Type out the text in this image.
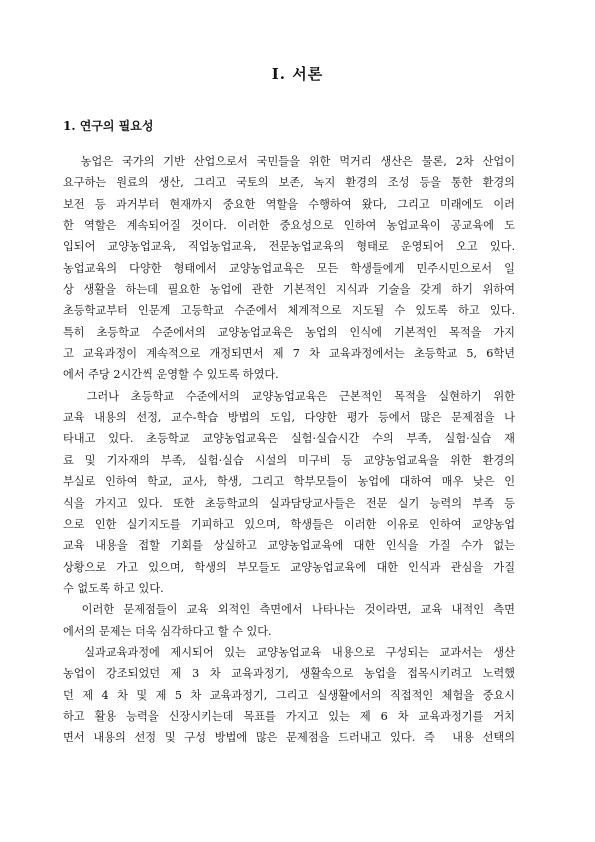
Ⅰ. 서론
1. 연구의 필요성
농업은 국가의 기반 산업으로서 국민들을 위한 먹거리 생산은 물론, 2차 산업이
요구하는 원료의 생산, 그리고 국토의 보존, 녹지 환경의 조성 등을 통한 환경의
보전 등 과거부터 현재까지 중요한 역할을 수행하여 왔다, 그리고 미래에도 이러
한 역할은 계속되어질 것이다. 이러한 중요성으로 인하여 농업교육이 공교육에 도
입되어 교양농업교육, 직업농업교육, 전문농업교육의 형태로 운영되어 오고 있다.
농업교육의 다양한 형태에서 교양농업교육은 모든 학생들에게 민주시민으로서 일
상 생활을 하는데 필요한 농업에 관한 기본적인 지식과 기술을 갖게 하기 위하여
초등학교부터 인문계 고등학교 수준에서 체계적으로 지도될 수 있도록 하고 있다.
특히 초등학교 수준에서의 교양농업교육은 농업의 인식에 기본적인 목적을 가지
고 교육과정이 계속적으로 개정되면서 제 7 차 교육과정에서는 초등학교 5, 6학년
에서 주당 2시간씩 운영할 수 있도록 하였다.
그러나 초등학교 수준에서의 교양농업교육은 근본적인 목적을 실현하기 위한
교육 내용의 선정, 교수-학습 방법의 도입, 다양한 평가 등에서 많은 문제점을 나
타내고 있다. 초등학교 교양농업교육은 실험·실습시간 수의 부족, 실험·실습 재
료 및 기자재의 부족, 실험·실습 시설의 미구비 등 교양농업교육을 위한 환경의
부실로 인하여 학교, 교사, 학생, 그리고 학부모들이 농업에 대하여 매우 낮은 인
식을 가지고 있다. 또한 초등학교의 실과담당교사들은 전문 실기 능력의 부족 등
으로 인한 실기지도를 기피하고 있으며, 학생들은 이러한 이유로 인하여 교양농업
교육 내용을 접할 기회를 상실하고 교양농업교육에 대한 인식을 가질 수가 없는
상황으로 가고 있으며, 학생의 부모들도 교양농업교육에 대한 인식과 관심을 가질
수 없도록 하고 있다.
이러한 문제점들이 교육 외적인 측면에서 나타나는 것이라면, 교육 내적인 측면
에서의 문제는 더욱 심각하다고 할 수 있다.
실과교육과정에 제시되어 있는 교양농업교육 내용으로 구성되는 교과서는 생산
농업이 강조되었던 제 3 차 교육과정기, 생활속으로 농업을 접목시키려고 노력했
던 제 4 차 및 제 5 차 교육과정기, 그리고 실생활에서의 직접적인 체험을 중요시
하고 활용 능력을 신장시키는데 목표를 가지고 있는 제 6 차 교육과정기를 거치
면서 내용의 선정 및 구성 방법에 많은 문제점을 드러내고 있다. 즉  내용 선택의
